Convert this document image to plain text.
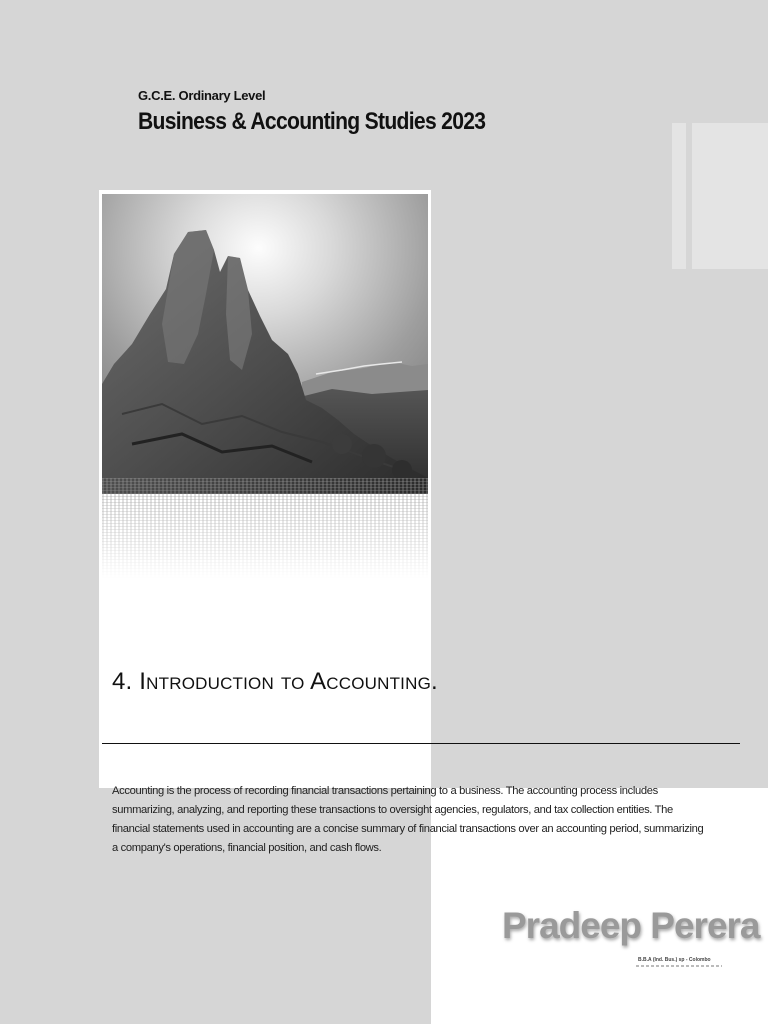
G.C.E. Ordinary Level
Business & Accounting Studies 2023
4. Introduction to Accounting.

Accounting is the process of recording financial transactions pertaining to a business. The accounting process includes summarizing, analyzing, and reporting these transactions to oversight agencies, regulators, and tax collection entities. The financial statements used in accounting are a concise summary of financial transactions over an accounting period, summarizing a company's operations, financial position, and cash flows.

Pradeep Perera
B.B.A (Ind. Bus.) sp - Colombo
